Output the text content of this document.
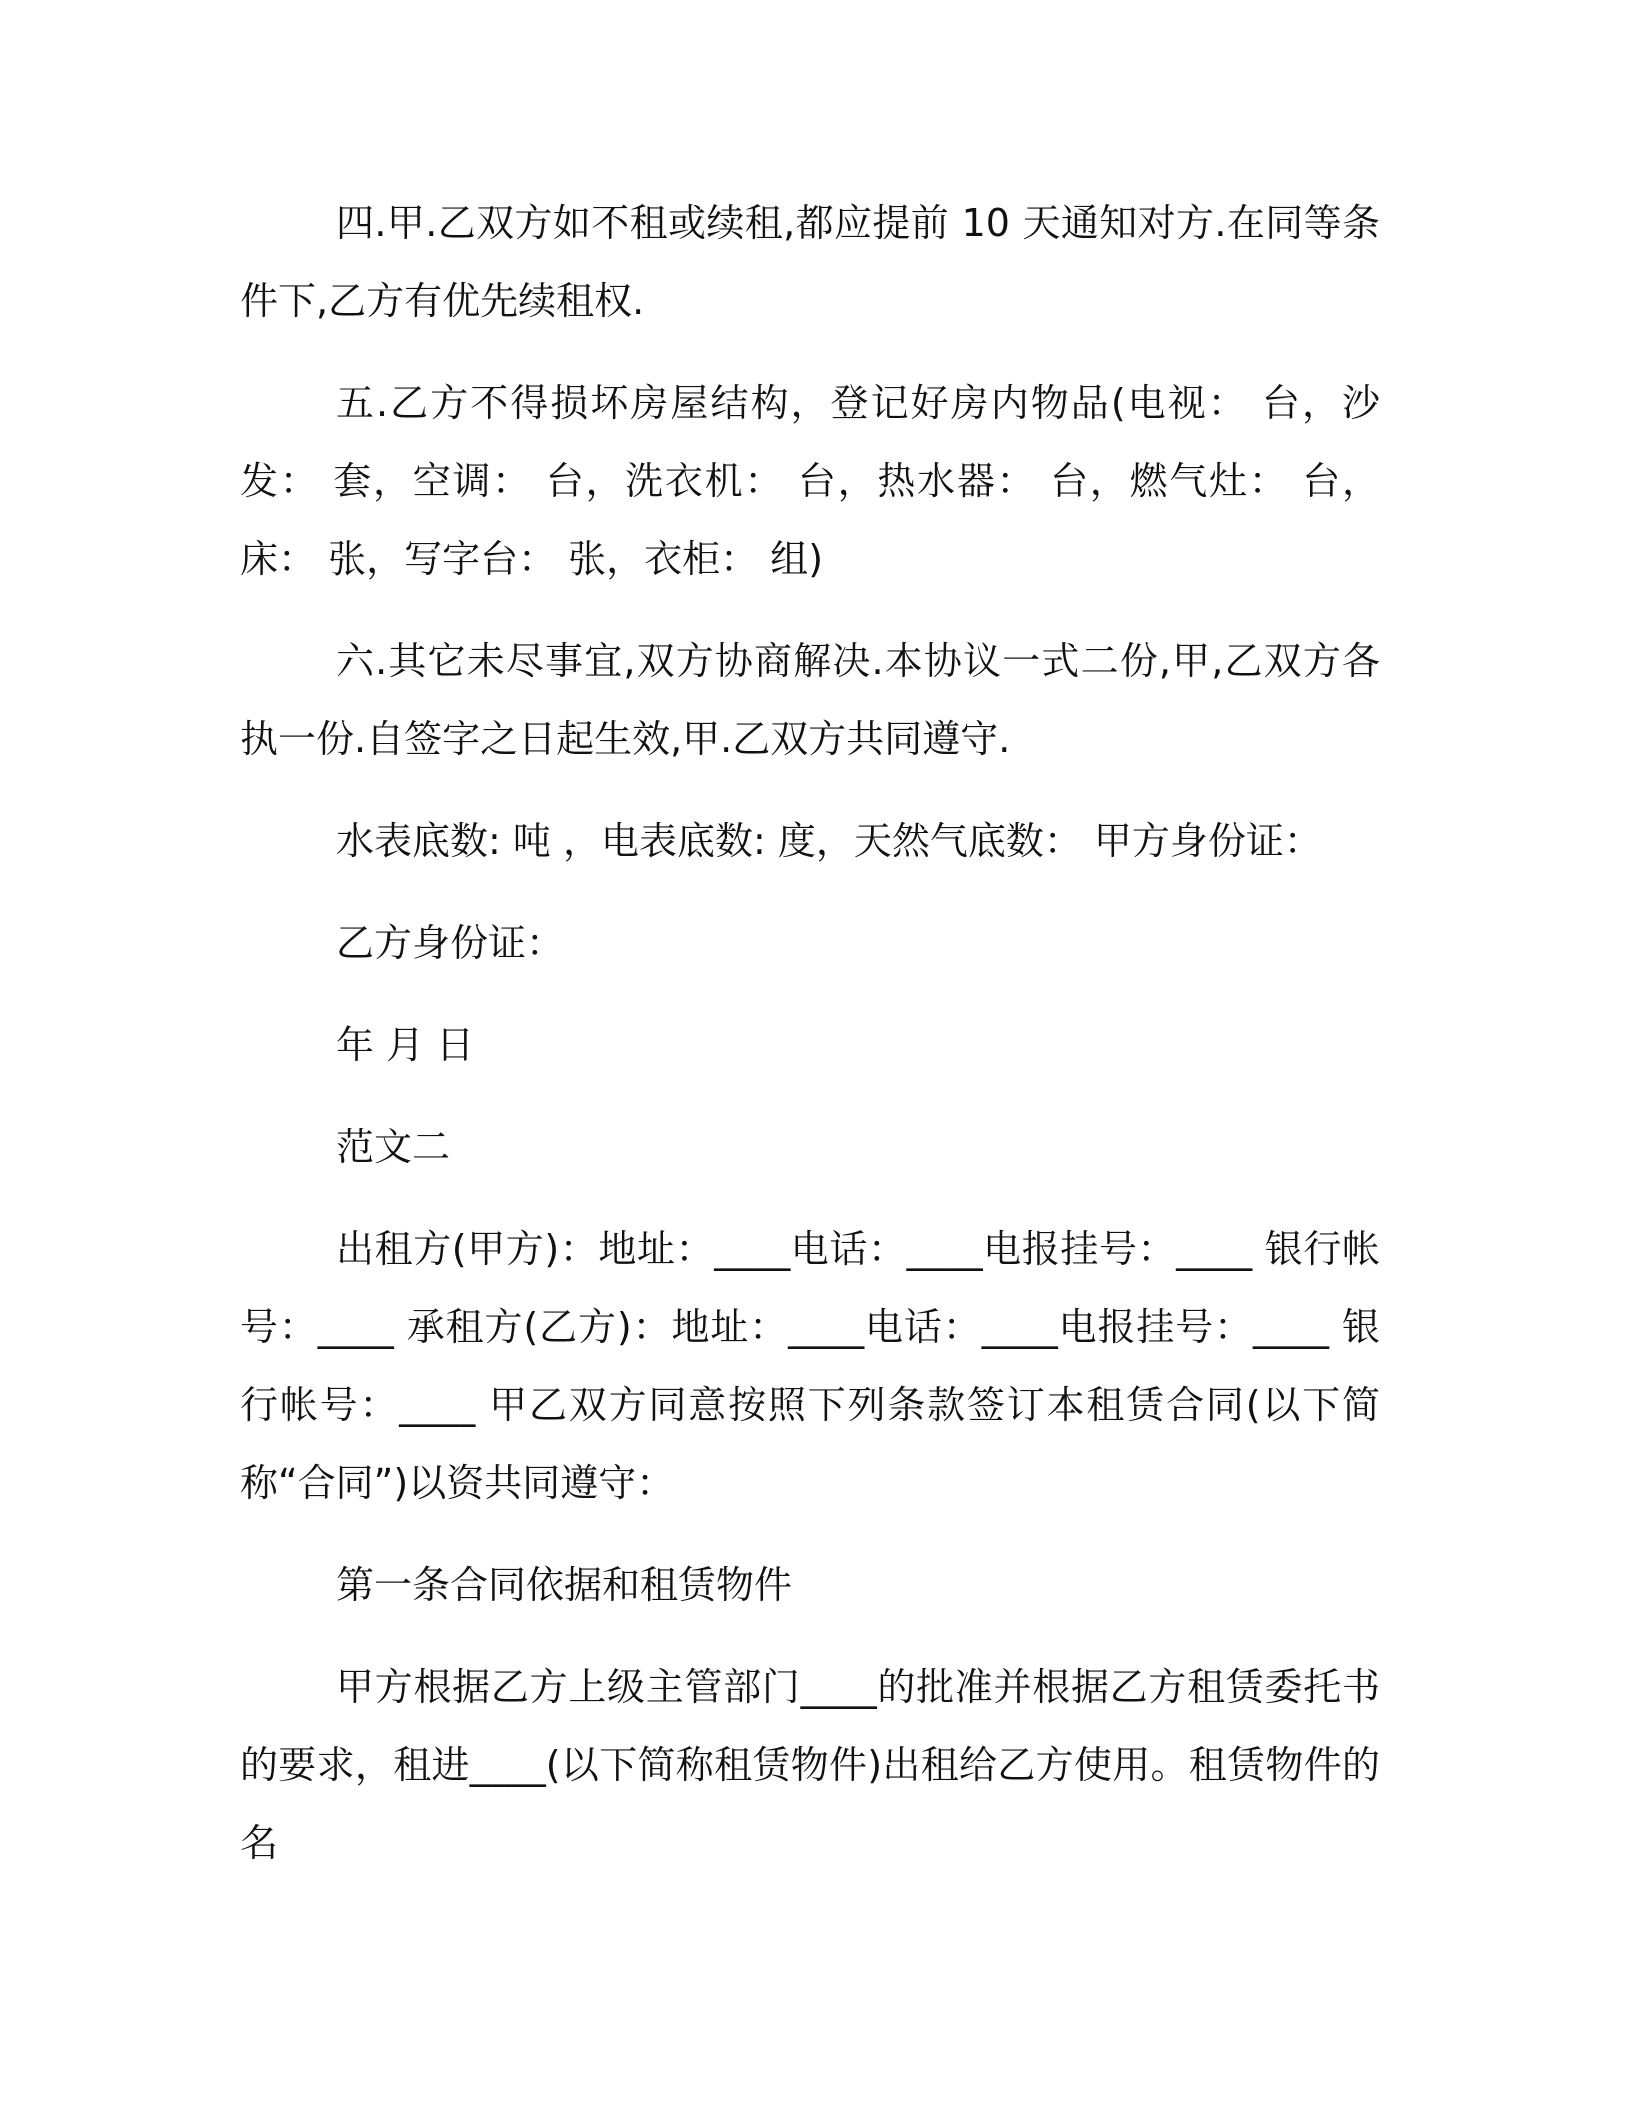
四.甲.乙双方如不租或续租,都应提前 10 天通知对方.在同等条件下,乙方有优先续租权.

五.乙方不得损坏房屋结构，登记好房内物品(电视： 台，沙发： 套，空调： 台，洗衣机： 台，热水器： 台，燃气灶： 台，床： 张，写字台： 张，衣柜： 组)

六.其它未尽事宜,双方协商解决.本协议一式二份,甲,乙双方各执一份.自签字之日起生效,甲.乙双方共同遵守.

水表底数: 吨 ，电表底数: 度，天然气底数： 甲方身份证：

乙方身份证：

年 月 日

范文二

出租方(甲方)：地址：____电话：____电报挂号：____ 银行帐号：____ 承租方(乙方)：地址：____电话：____电报挂号：____ 银行帐号：____ 甲乙双方同意按照下列条款签订本租赁合同(以下简称“合同”)以资共同遵守：

第一条合同依据和租赁物件

甲方根据乙方上级主管部门____的批准并根据乙方租赁委托书的要求，租进____(以下简称租赁物件)出租给乙方使用。租赁物件的名
